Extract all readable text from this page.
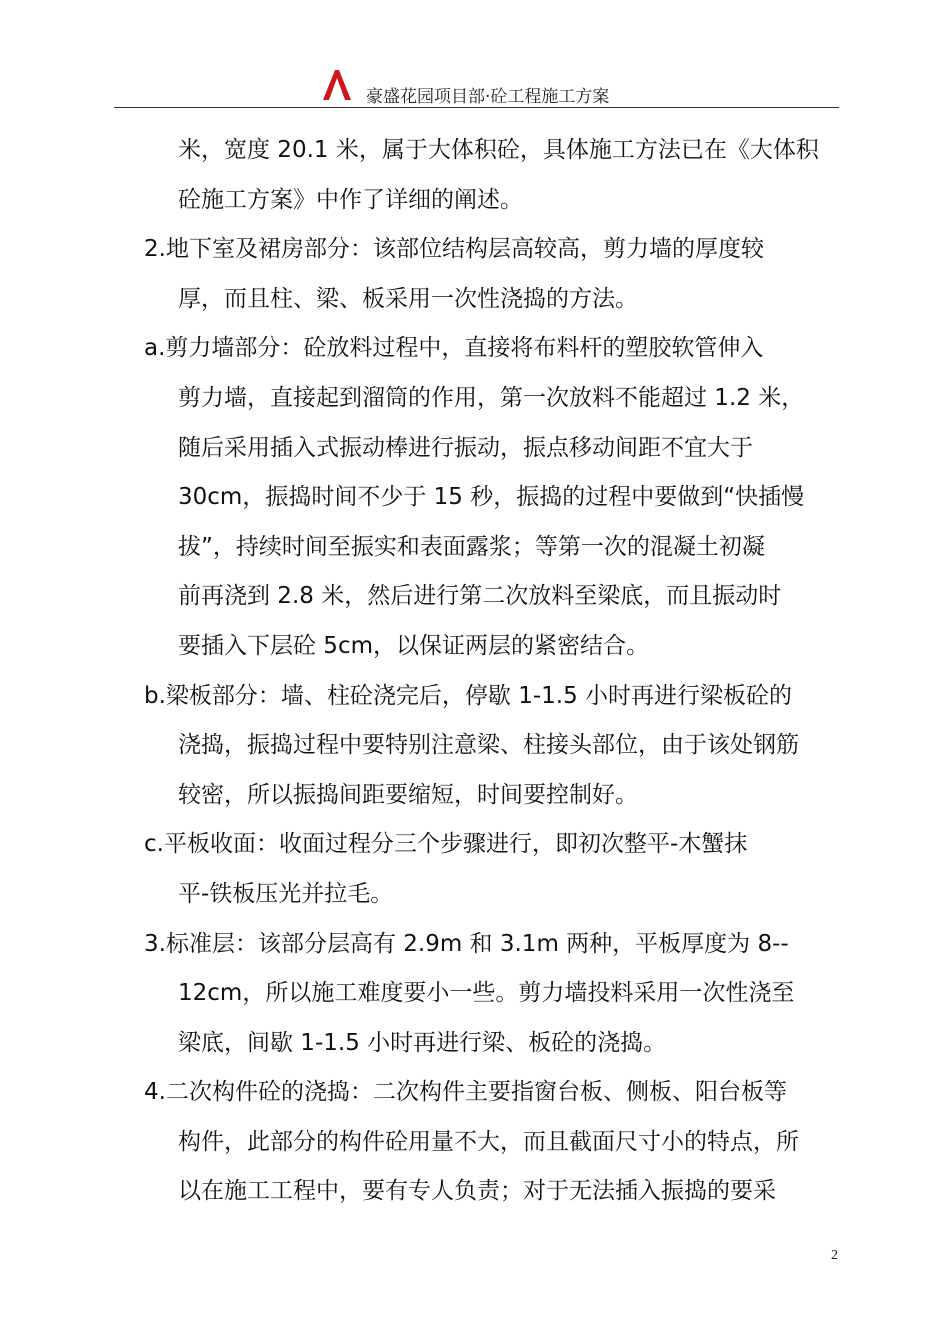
豪盛花园项目部·砼工程施工方案
米，宽度 20.1 米，属于大体积砼，具体施工方法已在《大体积
砼施工方案》中作了详细的阐述。
2.地下室及裙房部分：该部位结构层高较高，剪力墙的厚度较
厚，而且柱、梁、板采用一次性浇捣的方法。
a.剪力墙部分：砼放料过程中，直接将布料杆的塑胶软管伸入
剪力墙，直接起到溜筒的作用，第一次放料不能超过 1.2 米，
随后采用插入式振动棒进行振动，振点移动间距不宜大于
30cm，振捣时间不少于 15 秒，振捣的过程中要做到“快插慢
拔”，持续时间至振实和表面露浆；等第一次的混凝土初凝
前再浇到 2.8 米，然后进行第二次放料至梁底，而且振动时
要插入下层砼 5cm，以保证两层的紧密结合。
b.梁板部分：墙、柱砼浇完后，停歇 1-1.5 小时再进行梁板砼的
浇捣，振捣过程中要特别注意梁、柱接头部位，由于该处钢筋
较密，所以振捣间距要缩短，时间要控制好。
c.平板收面：收面过程分三个步骤进行，即初次整平-木蟹抹
平-铁板压光并拉毛。
3.标准层：该部分层高有 2.9m 和 3.1m 两种，平板厚度为 8--
12cm，所以施工难度要小一些。剪力墙投料采用一次性浇至
梁底，间歇 1-1.5 小时再进行梁、板砼的浇捣。
4.二次构件砼的浇捣：二次构件主要指窗台板、侧板、阳台板等
构件，此部分的构件砼用量不大，而且截面尺寸小的特点，所
以在施工工程中，要有专人负责；对于无法插入振捣的要采
2
